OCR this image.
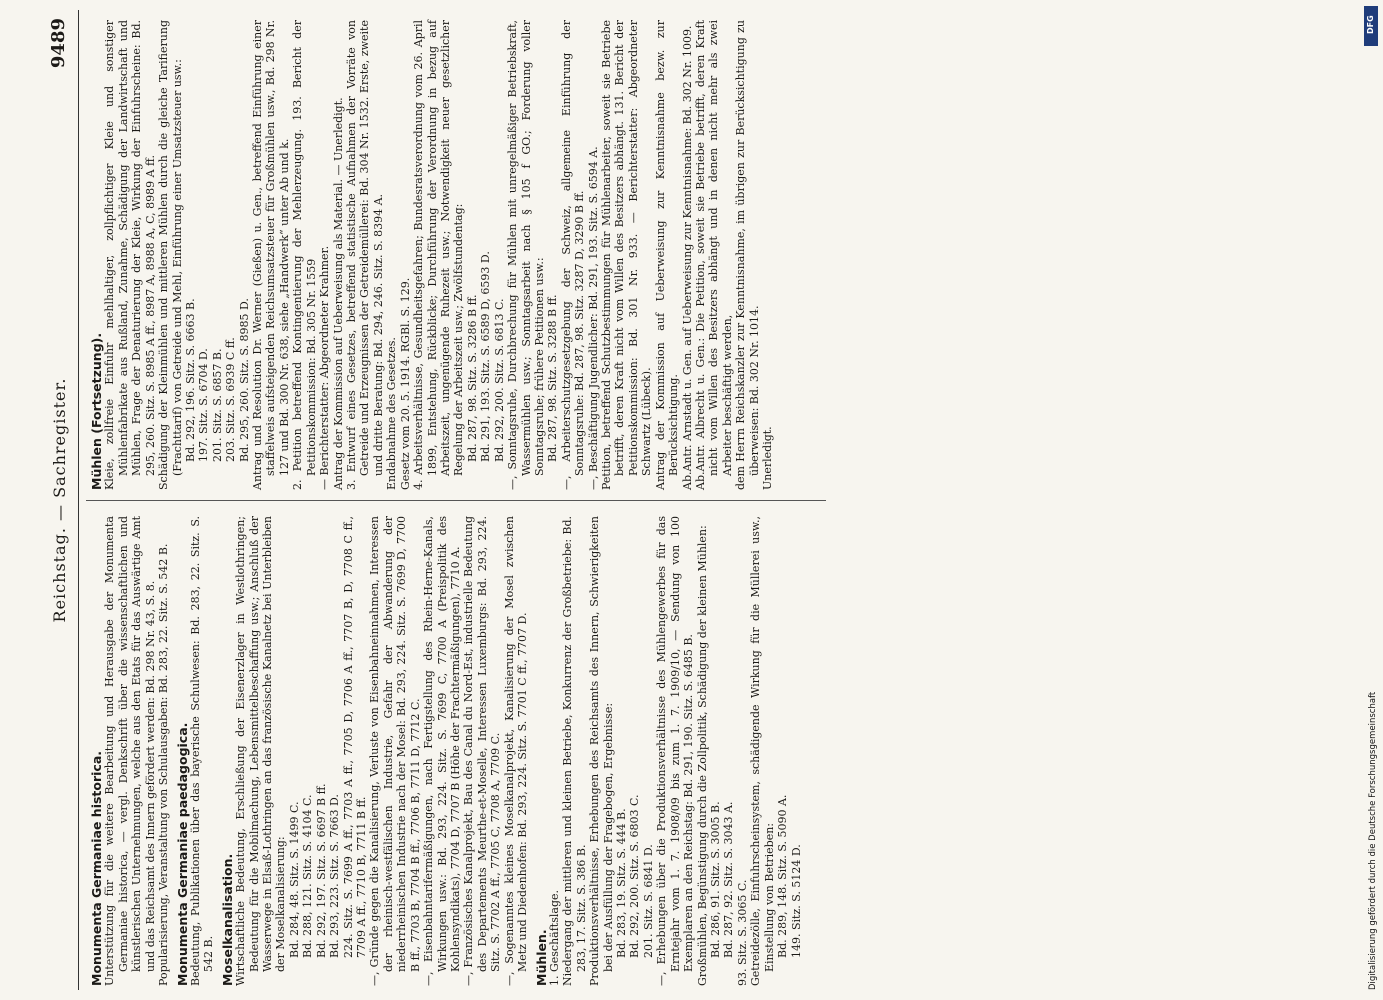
Reichstag. — Sachregister.
9489
Monumenta Germaniae historica. Unterstützung für die weitere Bearbeitung und Herausgabe der Monumenta Germaniae historica, — vergl. Denkschrift über die wissenschaftlichen und künstlerischen Unternehmungen, welche aus den Etats für das Auswärtige Amt und das Reichsamt des Innern gefördert werden: Bd. 298 Nr. 43, S. 8. Popularisierung, Veranstaltung von Schulausgaben: Bd. 283, 22. Sitz. S. 542 B. Monumenta Germaniae paedagogica. Bedeutung, Publikationen über das bayerische Schulwesen: Bd. 283, 22. Sitz. S. 542 B. Moselkanalisation. Wirtschaftliche Bedeutung, Erschließung der Eisenerzlager in Westlothringen; Bedeutung für die Mobilmachung, Lebensmittelbeschaffung usw.; Anschluß der Wasserwege in Elsaß-Lothringen an das französische Kanalnetz bei Unterbleiben der Moselkanalisierung: Bd. 284, 48. Sitz. S. 1499 C. Bd. 288, 121. Sitz. S. 4104 C. Bd. 292, 197. Sitz. S. 6697 B ff. Bd. 293, 223. Sitz. S. 7663 D. 224. Sitz. S. 7699 A ff., 7703 A ff., 7705 D, 7706 A ff., 7707 B, D, 7708 C ff., 7709 A ff., 7710 B, 7711 B ff. —, Gründe gegen die Kanalisierung, Verluste von Eisenbahneinnahmen, Interessen der rheinisch-westfälischen Industrie, Gefahr der Abwanderung der niederrheinischen Industrie nach der Mosel: Bd. 293, 224. Sitz. S. 7699 D, 7700 B ff., 7703 B, 7704 B ff., 7706 B, 7711 D, 7712 C. —, Eisenbahntarifermäßigungen, nach Fertigstellung des Rhein-Herne-Kanals, Wirkungen usw.: Bd. 293, 224. Sitz. S. 7699 C, 7700 A (Preispolitik des Kohlensyndikats), 7704 D, 7707 B (Höhe der Frachtermäßigungen), 7710 A. —, Französisches Kanalprojekt, Bau des Canal du Nord-Est, industrielle Bedeutung des Departements Meurthe-et-Moselle, Interessen Luxemburgs: Bd. 293, 224. Sitz. S. 7702 A ff., 7705 C, 7708 A, 7709 C. —, Sogenanntes kleines Moselkanalprojekt, Kanalisierung der Mosel zwischen Metz und Diedenhofen: Bd. 293, 224. Sitz. S. 7701 C ff., 7707 D. Mühlen. 1. Geschäftslage. Niedergang der mittleren und kleinen Betriebe, Konkurrenz der Großbetriebe: Bd. 283, 17. Sitz. S. 386 B. Produktionsverhältnisse, Erhebungen des Reichsamts des Innern, Schwierigkeiten bei der Ausfüllung der Fragebogen, Ergebnisse: Bd. 283, 19. Sitz. S. 444 B. Bd. 292, 200. Sitz. S. 6803 C. 201. Sitz. S. 6841 D. —, Erhebungen über die Produktionsverhältnisse des Mühlengewerbes für das Erntejahr vom 1. 7. 1908/09 bis zum 1. 7. 1909/10, — Sendung von 100 Exemplaren an den Reichstag: Bd. 291, 190. Sitz. S. 6485 B. Großmühlen, Begünstigung durch die Zollpolitik, Schädigung der kleinen Mühlen: Bd. 286, 91. Sitz. S. 3005 B. Bd. 287, 92. Sitz. S. 3043 A. 93. Sitz. S. 3065 C. Getreidezölle, Einfuhrscheinsystem, schädigende Wirkung für die Müllerei usw., Einstellung von Betrieben: Bd. 289, 148. Sitz. S. 5090 A. 149. Sitz. S. 5124 D.

Mühlen (Fortsetzung). Kleie, zollfreie Einfuhr mehlhaltiger, zollpflichtiger Kleie und sonstiger Mühlenfabrikate aus Rußland, Zunahme, Schädigung der Landwirtschaft und Mühlen, Frage der Denaturierung der Kleie, Wirkung der Einfuhrscheine: Bd. 295, 260. Sitz. S. 8985 A ff., 8987 A, 8988 A, C, 8989 A ff. Schädigung der Kleinmühlen und mittleren Mühlen durch die gleiche Tarifierung (Frachttarif) von Getreide und Mehl, Einführung einer Umsatzsteuer usw.: Bd. 292, 196. Sitz. S. 6663 B. 197. Sitz. S. 6704 D. 201. Sitz. S. 6857 B. 203. Sitz. S. 6939 C ff. Bd. 295, 260. Sitz. S. 8985 D. Antrag und Resolution Dr. Werner (Gießen) u. Gen., betreffend Einführung einer staffelweis aufsteigenden Reichsumsatzsteuer für Großmühlen usw., Bd. 298 Nr. 127 und Bd. 300 Nr. 638, siehe „Handwerk“ unter Ab und k. 2. Petition betreffend Kontingentierung der Mehlerzeugung. 193. Bericht der Petitionskommission: Bd. 305 Nr. 1559 — Berichterstatter: Abgeordneter Krahmer. Antrag der Kommission auf Ueberweisung als Material. — Unerledigt. 3. Entwurf eines Gesetzes, betreffend statistische Aufnahmen der Vorräte von Getreide und Erzeugnissen der Getreidemüllerei: Bd. 304 Nr. 1532. Erste, zweite und dritte Beratung: Bd. 294, 246. Sitz. S. 8394 A. Endabnahme des Gesetzes. Gesetz vom 20. 5. 1914. RGBl. S. 129. 4. Arbeitsverhältnisse, Gesundheitsgefahren; Bundesratsverordnung vom 26. April 1899, Entstehung, Rückblicke; Durchführung der Verordnung in bezug auf Arbeitszeit, ungenügende Ruhezeit usw.; Notwendigkeit neuer gesetzlicher Regelung der Arbeitszeit usw.; Zwölfstundentag: Bd. 287, 98. Sitz. S. 3286 B ff. Bd. 291, 193. Sitz. S. 6589 D, 6593 D. Bd. 292, 200. Sitz. S. 6813 C. —, Sonntagsruhe, Durchbrechung für Mühlen mit unregelmäßiger Betriebskraft, Wassermühlen usw.; Sonntagsarbeit nach § 105 f GO.; Forderung voller Sonntagsruhe; frühere Petitionen usw.: Bd. 287, 98. Sitz. S. 3288 B ff. —, Arbeiterschutzgesetzgebung der Schweiz, allgemeine Einführung der Sonntagsruhe: Bd. 287, 98. Sitz. 3287 D, 3290 B ff. —, Beschäftigung Jugendlicher: Bd. 291, 193. Sitz. S. 6594 A. Petition, betreffend Schutzbestimmungen für Mühlenarbeiter, soweit sie Betriebe betrifft, deren Kraft nicht vom Willen des Besitzers abhängt. 131. Bericht der Petitionskommission: Bd. 301 Nr. 933. — Berichterstatter: Abgeordneter Schwartz (Lübeck). Antrag der Kommission auf Ueberweisung zur Kenntnisnahme bezw. zur Berücksichtigung. Ab.Antr. Arnstadt u. Gen. auf Ueberweisung zur Kenntnisnahme: Bd. 302 Nr. 1009. Ab.Antr. Albrecht u. Gen.: Die Petition, soweit sie Betriebe betrifft, deren Kraft nicht vom Willen des Besitzers abhängt und in denen nicht mehr als zwei Arbeiter beschäftigt werden, dem Herrn Reichskanzler zur Kenntnisnahme, im übrigen zur Berücksichtigung zu überweisen: Bd. 302 Nr. 1014. Unerledigt.

DFG
Digitalisierung gefördert durch die Deutsche Forschungsgemeinschaft
